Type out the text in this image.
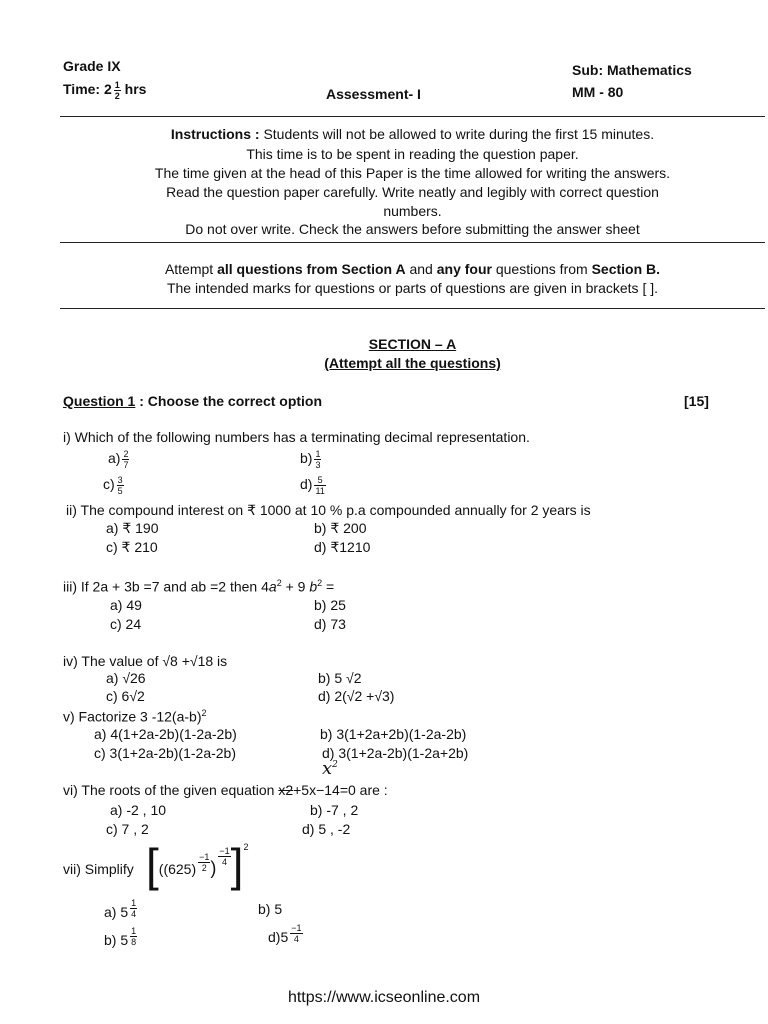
Grade IX
Time: $2 \frac{1}{2}$ hrs	Assessment- I
Sub: Mathematics
MM - 80
Instructions : Students will not be allowed to write during the first 15 minutes.
This time is to be spent in reading the question paper.
The time given at the head of this Paper is the time allowed for writing the answers.
Read the question paper carefully. Write neatly and legibly with correct question
numbers.
Do not over write. Check the answers before submitting the answer sheet
Attempt all questions from Section A and any four questions from Section B.
The intended marks for questions or parts of questions are given in brackets [ ].
SECTION – A
(Attempt all the questions)
Question 1 : Choose the correct option	[15]
i) Which of the following numbers has a terminating decimal representation.
$a) \frac{2}{7}$	$b) \frac{1}{3}$
$c) \frac{3}{5}$	$d) \frac{5}{11}$
ii) The compound interest on ₹ 1000 at 10 % p.a compounded annually for 2 years is
a) ₹ 190	b) ₹ 200
c) ₹ 210	d) ₹1210
iii) If 2a + 3b =7 and ab =2 then $4a^2 + 9$ $b^2$ =
a) 49	b) 25
c) 24	d) 73
iv) The value of √8 +√18 is
a) √26	b) 5 √2
c) 6√2	d) 2(√2 +√3)
v) Factorize 3 $-12(a-b)^2$
a) 4(1+2a-2b)(1-2a-2b)	b) 3(1+2a+2b)(1-2a-2b)
c) 3(1+2a-2b)(1-2a-2b)	d) 3(1+2a-2b)(1-2a+2b)
vi) The roots of the given equation x2+5x−14=0 are :
$x^2$
a) -2 , 10	b) -7 , 2
c) 7 , 2	d) 5 , -2
vii) Simplify [($(625) \frac{-1}{2}$ )
$\frac{-1}{4} ]^2$
a) $5 \frac{1}{4}$	b) 5
b) $5 \frac{1}{8}$	$d)5 \frac{-1}{4}$
https://www.icseonline.com
